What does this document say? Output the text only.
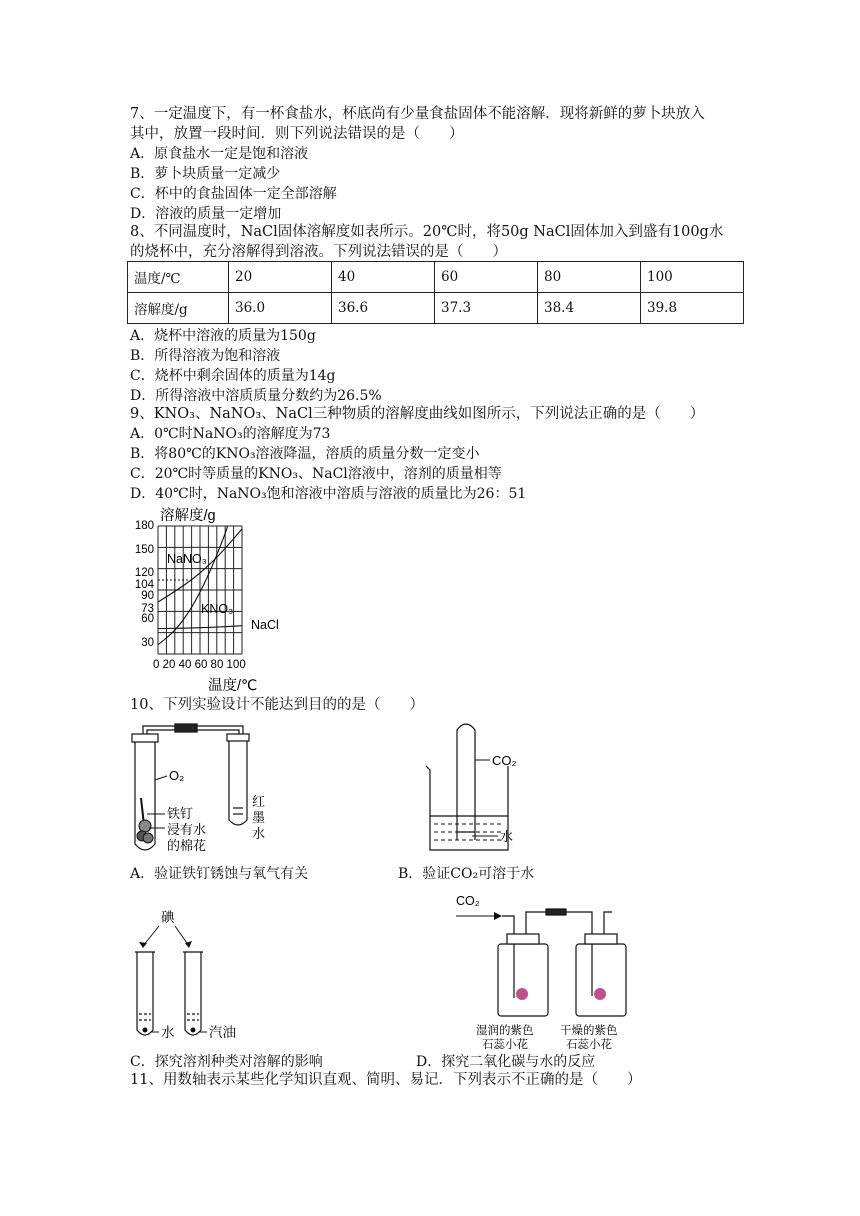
7、一定温度下，有一杯食盐水，杯底尚有少量食盐固体不能溶解．现将新鲜的萝卜块放入
其中，放置一段时间．则下列说法错误的是（　　）
A．原食盐水一定是饱和溶液
B．萝卜块质量一定减少
C．杯中的食盐固体一定全部溶解
D．溶液的质量一定增加
8、不同温度时，NaCl固体溶解度如表所示。20℃时，将50g NaCl固体加入到盛有100g水
的烧杯中，充分溶解得到溶液。下列说法错误的是（　　）
温度/℃	20	40	60	80	100
溶解度/g	36.0	36.6	37.3	38.4	39.8
A．烧杯中溶液的质量为150g
B．所得溶液为饱和溶液
C．烧杯中剩余固体的质量为14g
D．所得溶液中溶质质量分数约为26.5%
9、KNO₃、NaNO₃、NaCl三种物质的溶解度曲线如图所示，下列说法正确的是（　　）
A．0℃时NaNO₃的溶解度为73
B．将80℃的KNO₃溶液降温，溶质的质量分数一定变小
C．20℃时等质量的KNO₃、NaCl溶液中，溶剂的质量相等
D．40℃时，NaNO₃饱和溶液中溶质与溶液的质量比为26：51
溶解度/g
180
150
120
104
90
73
60
30
0 20 40 60 80 100
温度/℃
NaNO₃
KNO₃
NaCl
10、下列实验设计不能达到目的的是（　　）
O₂
铁钉
浸有水
的棉花
红
墨
水
A．验证铁钉锈蚀与氧气有关
CO₂
水
B．验证CO₂可溶于水
碘
水	汽油
C．探究溶剂种类对溶解的影响
CO₂
湿润的紫色
石蕊小花
干燥的紫色
石蕊小花
D．探究二氧化碳与水的反应
11、用数轴表示某些化学知识直观、简明、易记．下列表示不正确的是（　　）
